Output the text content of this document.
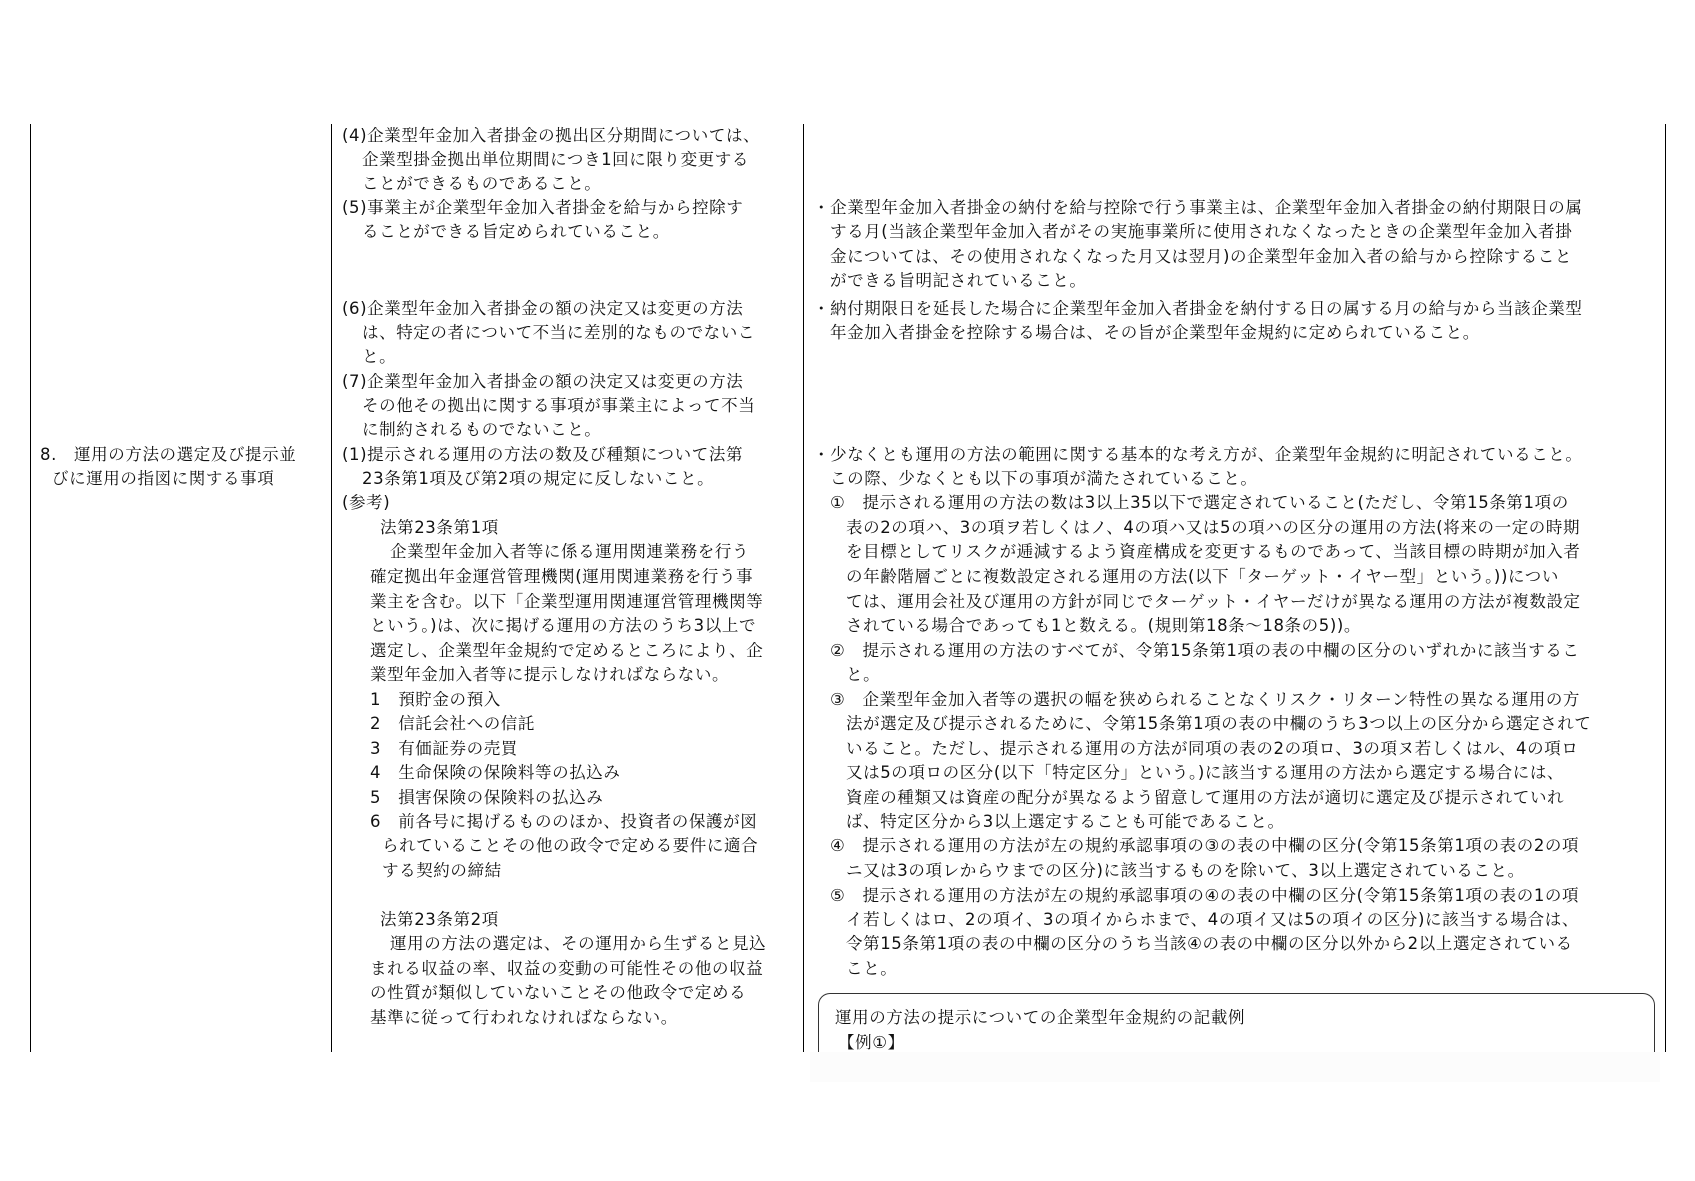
8.　運用の方法の選定及び提示並
びに運用の指図に関する事項
(4)企業型年金加入者掛金の拠出区分期間については、
企業型掛金拠出単位期間につき1回に限り変更する
ことができるものであること。
(5)事業主が企業型年金加入者掛金を給与から控除す
ることができる旨定められていること。
(6)企業型年金加入者掛金の額の決定又は変更の方法
は、特定の者について不当に差別的なものでないこ
と。
(7)企業型年金加入者掛金の額の決定又は変更の方法
その他その拠出に関する事項が事業主によって不当
に制約されるものでないこと。
(1)提示される運用の方法の数及び種類について法第
23条第1項及び第2項の規定に反しないこと。
(参考)
法第23条第1項
企業型年金加入者等に係る運用関連業務を行う
確定拠出年金運営管理機関(運用関連業務を行う事
業主を含む。以下「企業型運用関連運営管理機関等
という。)は、次に掲げる運用の方法のうち3以上で
選定し、企業型年金規約で定めるところにより、企
業型年金加入者等に提示しなければならない。
1　預貯金の預入
2　信託会社への信託
3　有価証券の売買
4　生命保険の保険料等の払込み
5　損害保険の保険料の払込み
6　前各号に掲げるもののほか、投資者の保護が図
られていることその他の政令で定める要件に適合
する契約の締結
法第23条第2項
運用の方法の選定は、その運用から生ずると見込
まれる収益の率、収益の変動の可能性その他の収益
の性質が類似していないことその他政令で定める
基準に従って行われなければならない。
・企業型年金加入者掛金の納付を給与控除で行う事業主は、企業型年金加入者掛金の納付期限日の属
する月(当該企業型年金加入者がその実施事業所に使用されなくなったときの企業型年金加入者掛
金については、その使用されなくなった月又は翌月)の企業型年金加入者の給与から控除すること
ができる旨明記されていること。
・納付期限日を延長した場合に企業型年金加入者掛金を納付する日の属する月の給与から当該企業型
年金加入者掛金を控除する場合は、その旨が企業型年金規約に定められていること。
・少なくとも運用の方法の範囲に関する基本的な考え方が、企業型年金規約に明記されていること。
この際、少なくとも以下の事項が満たされていること。
①　提示される運用の方法の数は3以上35以下で選定されていること(ただし、令第15条第1項の
表の2の項ハ、3の項ヲ若しくはノ、4の項ハ又は5の項ハの区分の運用の方法(将来の一定の時期
を目標としてリスクが逓減するよう資産構成を変更するものであって、当該目標の時期が加入者
の年齢階層ごとに複数設定される運用の方法(以下「ターゲット・イヤー型」という。))につい
ては、運用会社及び運用の方針が同じでターゲット・イヤーだけが異なる運用の方法が複数設定
されている場合であっても1と数える。(規則第18条～18条の5))。
②　提示される運用の方法のすべてが、令第15条第1項の表の中欄の区分のいずれかに該当するこ
と。
③　企業型年金加入者等の選択の幅を狭められることなくリスク・リターン特性の異なる運用の方
法が選定及び提示されるために、令第15条第1項の表の中欄のうち3つ以上の区分から選定されて
いること。ただし、提示される運用の方法が同項の表の2の項ロ、3の項ヌ若しくはル、4の項ロ
又は5の項ロの区分(以下「特定区分」という。)に該当する運用の方法から選定する場合には、
資産の種類又は資産の配分が異なるよう留意して運用の方法が適切に選定及び提示されていれ
ば、特定区分から3以上選定することも可能であること。
④　提示される運用の方法が左の規約承認事項の③の表の中欄の区分(令第15条第1項の表の2の項
ニ又は3の項レからウまでの区分)に該当するものを除いて、3以上選定されていること。
⑤　提示される運用の方法が左の規約承認事項の④の表の中欄の区分(令第15条第1項の表の1の項
イ若しくはロ、2の項イ、3の項イからホまで、4の項イ又は5の項イの区分)に該当する場合は、
令第15条第1項の表の中欄の区分のうち当該④の表の中欄の区分以外から2以上選定されている
こと。
運用の方法の提示についての企業型年金規約の記載例
【例①】
